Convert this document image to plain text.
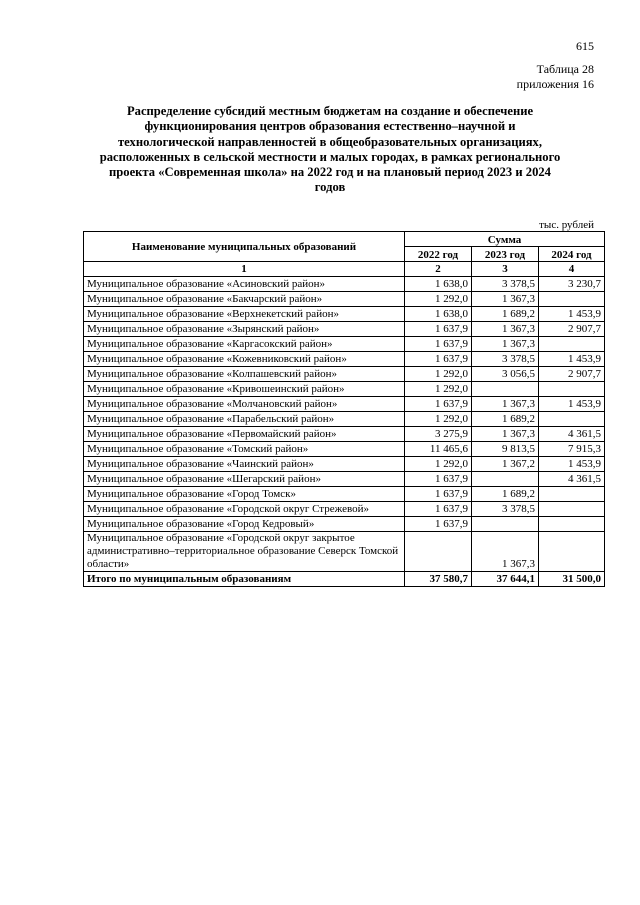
615
Таблица 28
приложения 16
Распределение субсидий местным бюджетам на создание и обеспечение функционирования центров образования естественно–научной и технологической направленностей в общеобразовательных организациях, расположенных в сельской местности и малых городах, в рамках регионального проекта «Современная школа» на 2022 год и на плановый период 2023 и 2024 годов
тыс. рублей
Наименование муниципальных образований	Сумма		
	2022 год	2023 год	2024 год
1	2	3	4
Муниципальное образование «Асиновский район»	1 638,0	3 378,5	3 230,7
Муниципальное образование «Бакчарский район»	1 292,0	1 367,3	
Муниципальное образование «Верхнекетский район»	1 638,0	1 689,2	1 453,9
Муниципальное образование «Зырянский район»	1 637,9	1 367,3	2 907,7
Муниципальное образование «Каргасокский район»	1 637,9	1 367,3	
Муниципальное образование «Кожевниковский район»	1 637,9	3 378,5	1 453,9
Муниципальное образование «Колпашевский район»	1 292,0	3 056,5	2 907,7
Муниципальное образование «Кривошеинский район»	1 292,0		
Муниципальное образование «Молчановский район»	1 637,9	1 367,3	1 453,9
Муниципальное образование «Парабельский район»	1 292,0	1 689,2	
Муниципальное образование «Первомайский район»	3 275,9	1 367,3	4 361,5
Муниципальное образование «Томский район»	11 465,6	9 813,5	7 915,3
Муниципальное образование «Чаинский район»	1 292,0	1 367,2	1 453,9
Муниципальное образование «Шегарский район»	1 637,9		4 361,5
Муниципальное образование «Город Томск»	1 637,9	1 689,2	
Муниципальное образование «Городской округ Стрежевой»	1 637,9	3 378,5	
Муниципальное образование «Город Кедровый»	1 637,9		
Муниципальное образование «Городской округ закрытое административно–территориальное образование Северск Томской области»		1 367,3	
Итого по муниципальным образованиям	37 580,7	37 644,1	31 500,0
